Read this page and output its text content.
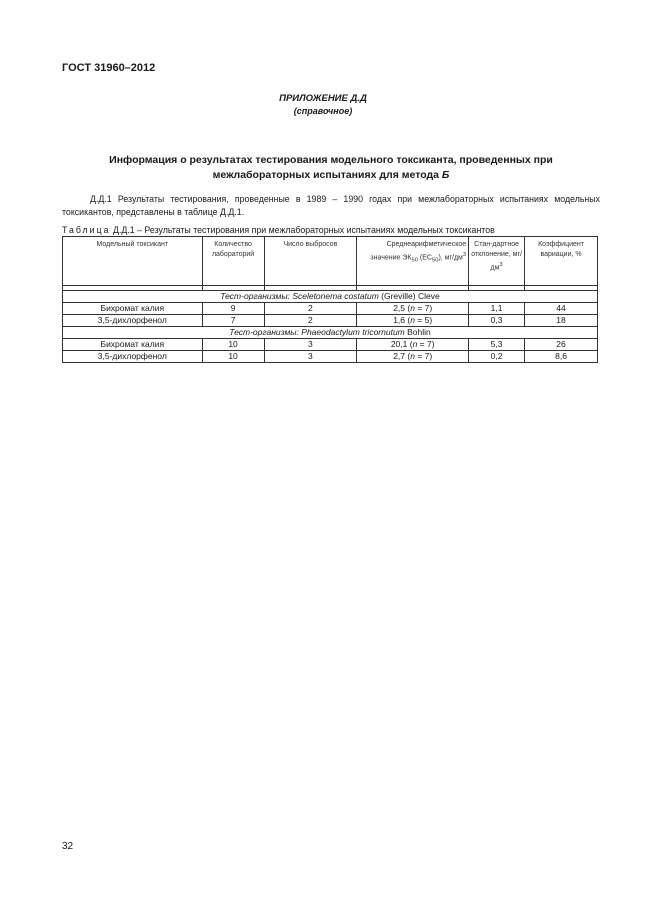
ГОСТ 31960–2012
ПРИЛОЖЕНИЕ Д.Д
(справочное)
Информация о результатах тестирования модельного токсиканта, проведенных при
межлабораторных испытаниях для метода Б
Д.Д.1 Результаты тестирования, проведенные в 1989 – 1990 годах при межлабораторных испытаниях модельных токсикантов, представлены в таблице Д.Д.1.
Таблица Д.Д.1 – Результаты тестирования при межлабораторных испытаниях модельных токсикантов
Модельный токсикант	Количество лабораторий	Число выбросов	Среднеарифметическое значение $ЭК_{50}$ $(EC_{50})$, $мг/дм^3$	Стан-дартное отклонение, $мг/дм^3$	Коэффициент вариации, %

Тест-организмы: Sceletonema costatum (Greville) Cleve					
Бихромат калия	9	2	2,5 (n = 7)	1,1	44
3,5-дихлорфенол	7	2	1,6 (n = 5)	0,3	18
Тест-организмы: Phaeodactylum tricornutum Bohlin					
Бихромат калия	10	3	20,1 (n = 7)	5,3	26
3,5-дихлорфенол	10	3	2,7 (n = 7)	0,2	8,6
32
